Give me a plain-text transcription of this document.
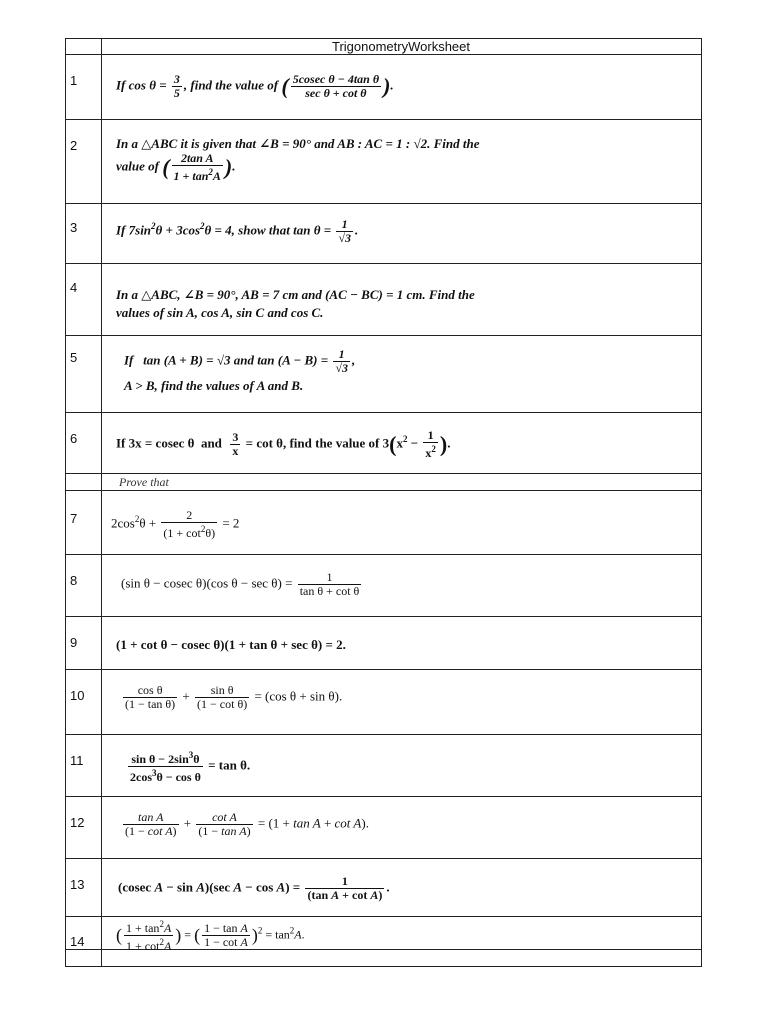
TrigonometryWorksheet
1	If $\cos \theta = \frac{3}{5}$ , find the value of ( $\frac{\text{5cosec θ − 4tan θ}}{\text{sec θ + cot θ}}$ ).
2	In a △ABC it is given that ∠B = 90° and AB : AC = 1 : √2. Find the
value of ( $\frac{\text{2tan A}}{1 + \tan^2A}$ ).
3	If $7\sin^2\theta + 3\cos^2\theta = 4$, show that $\tan \theta = \frac{1}{√3}$ .
4	In a △ABC, ∠B = 90°, AB = 7 cm and (AC − BC) = 1 cm. Find the
values of sin A, cos A, sin C and cos C.
5	If   tan (A + B) = √3 and $\tan (A - B) = \frac{1}{√3}$ ,
A > B, find the values of A and B.
6	If 3x = cosec θ  and $\frac{3}{x} = \cot \theta$, find the value of $3(x^2 - \frac{1}{x^2}$ ).
Prove that
7	$2\cos^2\theta + \frac{2}{(1 + \cot^2\theta)} = 2$
8	(sin θ − cosec θ)(cos $\theta - \sec \theta) = \frac{1}{\text{tan θ + cot θ}}$
9	(1 + cot θ − cosec θ)(1 + tan θ + sec θ) = 2.
10	$\frac{\text{cos θ}}{\text{(1 − tan θ)}} + \frac{\text{sin θ}}{\text{(1 − cot θ)}} = (\cos$ θ + sin θ).
11	$\frac{\sin \theta - 2\sin^3\theta}{2\cos^3\theta - \cos \theta} = \tan \theta$.
12	$\frac{\text{tan A}}{\text{(1 − cot A)}} + \frac{\text{cot A}}{\text{(1 − tan A)}} = (1 + \tan A + \cot A)$.
13	(cosec A − sin A)(sec $A - \cos A) = \frac{1}{\text{(tan A + cot A)}}$ .
14 ( $\frac{1 + \tan^2A}{1 + \cot^2A}$ ) = ( $\frac{\text{1 − tan A}}{\text{1 − cot A}} )^2 = \tan^2A$.
